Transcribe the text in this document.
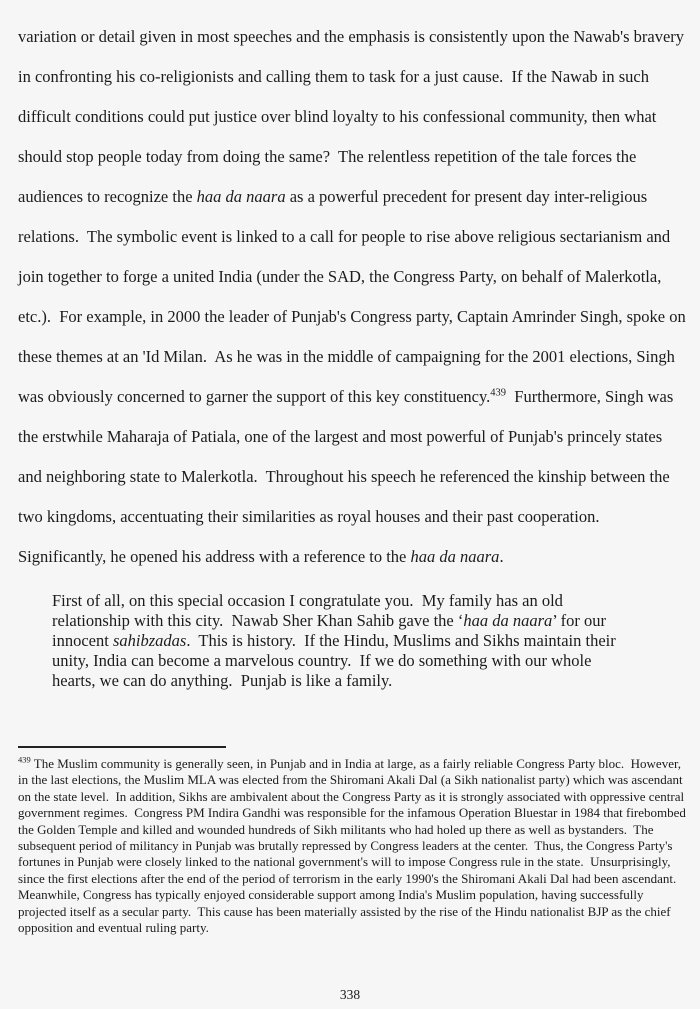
variation or detail given in most speeches and the emphasis is consistently upon the Nawab's bravery in confronting his co-religionists and calling them to task for a just cause.  If the Nawab in such difficult conditions could put justice over blind loyalty to his confessional community, then what should stop people today from doing the same?  The relentless repetition of the tale forces the audiences to recognize the haa da naara as a powerful precedent for present day inter-religious relations.  The symbolic event is linked to a call for people to rise above religious sectarianism and join together to forge a united India (under the SAD, the Congress Party, on behalf of Malerkotla, etc.).  For example, in 2000 the leader of Punjab's Congress party, Captain Amrinder Singh, spoke on these themes at an 'Id Milan.  As he was in the middle of campaigning for the 2001 elections, Singh was obviously concerned to garner the support of this key constituency.$^{439}$  Furthermore, Singh was the erstwhile Maharaja of Patiala, one of the largest and most powerful of Punjab's princely states and neighboring state to Malerkotla.  Throughout his speech he referenced the kinship between the two kingdoms, accentuating their similarities as royal houses and their past cooperation.  Significantly, he opened his address with a reference to the haa da naara.

First of all, on this special occasion I congratulate you.  My family has an old relationship with this city.  Nawab Sher Khan Sahib gave the ‘haa da naara’ for our innocent sahibzadas.  This is history.  If the Hindu, Muslims and Sikhs maintain their unity, India can become a marvelous country.  If we do something with our whole hearts, we can do anything.  Punjab is like a family.

$^{439}$ The Muslim community is generally seen, in Punjab and in India at large, as a fairly reliable Congress Party bloc.  However, in the last elections, the Muslim MLA was elected from the Shiromani Akali Dal (a Sikh nationalist party) which was ascendant on the state level.  In addition, Sikhs are ambivalent about the Congress Party as it is strongly associated with oppressive central government regimes.  Congress PM Indira Gandhi was responsible for the infamous Operation Bluestar in 1984 that firebombed the Golden Temple and killed and wounded hundreds of Sikh militants who had holed up there as well as bystanders.  The subsequent period of militancy in Punjab was brutally repressed by Congress leaders at the center.  Thus, the Congress Party's fortunes in Punjab were closely linked to the national government's will to impose Congress rule in the state.  Unsurprisingly, since the first elections after the end of the period of terrorism in the early 1990's the Shiromani Akali Dal had been ascendant.  Meanwhile, Congress has typically enjoyed considerable support among India's Muslim population, having successfully projected itself as a secular party.  This cause has been materially assisted by the rise of the Hindu nationalist BJP as the chief opposition and eventual ruling party.

338
